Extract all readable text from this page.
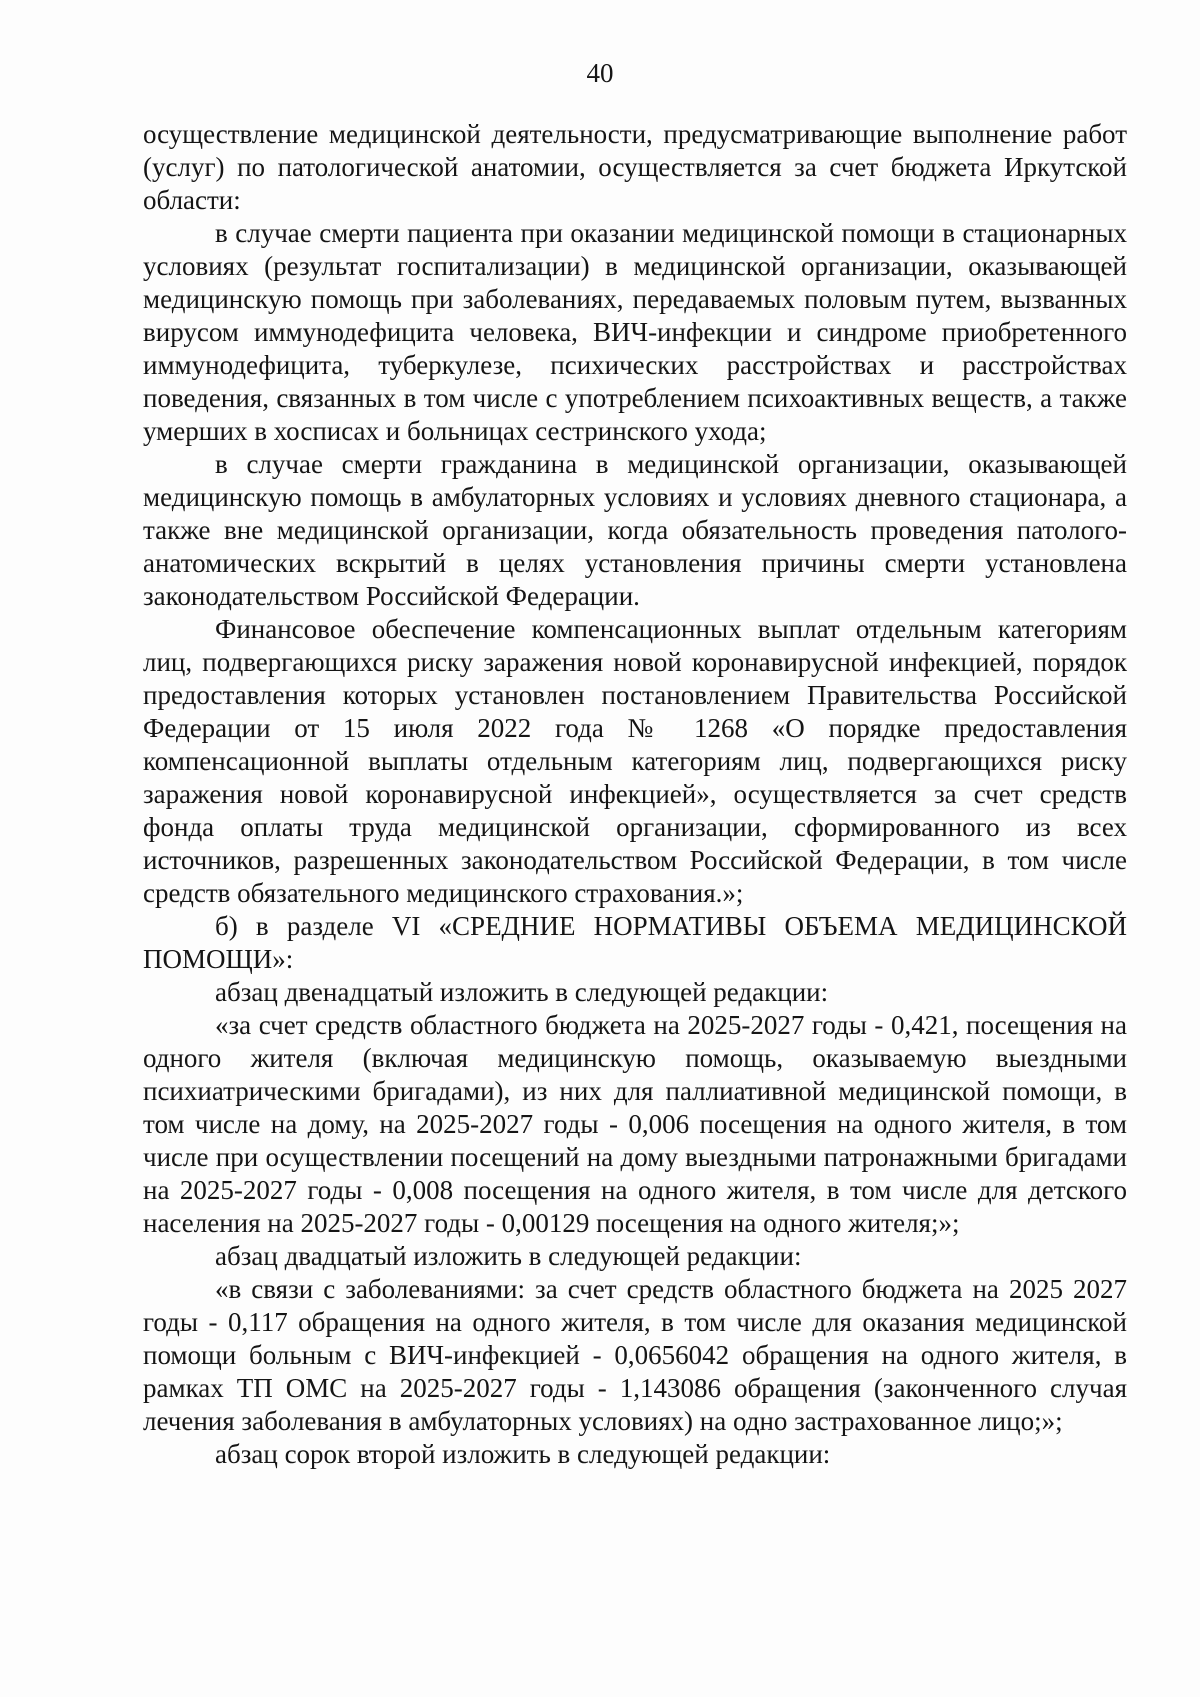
40

осуществление медицинской деятельности, предусматривающие выполнение работ (услуг) по патологической анатомии, осуществляется за счет бюджета Иркутской области:

в случае смерти пациента при оказании медицинской помощи в стационарных условиях (результат госпитализации) в медицинской организации, оказывающей медицинскую помощь при заболеваниях, передаваемых половым путем, вызванных вирусом иммунодефицита человека, ВИЧ-инфекции и синдроме приобретенного иммунодефицита, туберкулезе, психических расстройствах и расстройствах поведения, связанных в том числе с употреблением психоактивных веществ, а также умерших в хосписах и больницах сестринского ухода;

в случае смерти гражданина в медицинской организации, оказывающей медицинскую помощь в амбулаторных условиях и условиях дневного стационара, а также вне медицинской организации, когда обязательность проведения патолого-анатомических вскрытий в целях установления причины смерти установлена законодательством Российской Федерации.

Финансовое обеспечение компенсационных выплат отдельным категориям лиц, подвергающихся риску заражения новой коронавирусной инфекцией, порядок предоставления которых установлен постановлением Правительства Российской Федерации от 15 июля 2022 года № 1268 «О порядке предоставления компенсационной выплаты отдельным категориям лиц, подвергающихся риску заражения новой коронавирусной инфекцией», осуществляется за счет средств фонда оплаты труда медицинской организации, сформированного из всех источников, разрешенных законодательством Российской Федерации, в том числе средств обязательного медицинского страхования.»;

б) в разделе VI «СРЕДНИЕ НОРМАТИВЫ ОБЪЕМА МЕДИЦИНСКОЙ ПОМОЩИ»:

абзац двенадцатый изложить в следующей редакции:

«за счет средств областного бюджета на 2025-2027 годы - 0,421, посещения на одного жителя (включая медицинскую помощь, оказываемую выездными психиатрическими бригадами), из них для паллиативной медицинской помощи, в том числе на дому, на 2025-2027 годы - 0,006 посещения на одного жителя, в том числе при осуществлении посещений на дому выездными патронажными бригадами на 2025-2027 годы - 0,008 посещения на одного жителя, в том числе для детского населения на 2025-2027 годы - 0,00129 посещения на одного жителя;»;

абзац двадцатый изложить в следующей редакции:

«в связи с заболеваниями: за счет средств областного бюджета на 2025 2027 годы - 0,117 обращения на одного жителя, в том числе для оказания медицинской помощи больным с ВИЧ-инфекцией - 0,0656042 обращения на одного жителя, в рамках ТП ОМС на 2025-2027 годы - 1,143086 обращения (законченного случая лечения заболевания в амбулаторных условиях) на одно застрахованное лицо;»;

абзац сорок второй изложить в следующей редакции:
